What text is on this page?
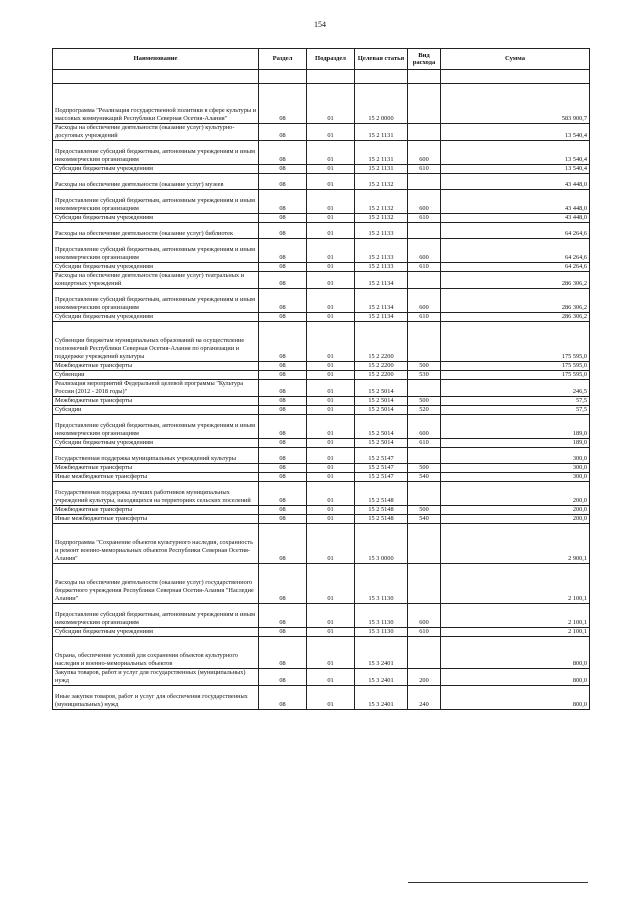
154
Наименование	Раздел	Подраздел	Целевая статья	Вид расхода	Сумма

Подпрограмма "Реализация государственной политики в сфере культуры и массовых коммуникаций Республики Северная Осетия-Алания"	08	01	15 2 0000		583 900,7
Расходы на обеспечение деятельности (оказание услуг) культурно-досуговых учреждений	08	01	15 2 1131		13 540,4
Предоставление субсидий бюджетным, автономным учреждениям и иным некоммерческим организациям	08	01	15 2 1131	600	13 540,4
Субсидии бюджетным учреждениям	08	01	15 2 1131	610	13 540,4
Расходы на обеспечение деятельности (оказание услуг) музеев	08	01	15 2 1132		43 448,0
Предоставление субсидий бюджетным, автономным учреждениям и иным некоммерческим организациям	08	01	15 2 1132	600	43 448,0
Субсидии бюджетным учреждениям	08	01	15 2 1132	610	43 448,0
Расходы на обеспечение деятельности (оказание услуг) библиотек	08	01	15 2 1133		64 264,6
Предоставление субсидий бюджетным, автономным учреждениям и иным некоммерческим организациям	08	01	15 2 1133	600	64 264,6
Субсидии бюджетным учреждениям	08	01	15 2 1133	610	64 264,6
Расходы на обеспечение деятельности (оказание услуг) театральных и концертных учреждений	08	01	15 2 1134		286 306,2
Предоставление субсидий бюджетным, автономным учреждениям и иным некоммерческим организациям	08	01	15 2 1134	600	286 306,2
Субсидии бюджетным учреждениям	08	01	15 2 1134	610	286 306,2
Субвенции бюджетам муниципальных образований на осуществление полномочий Республики Северная Осетия-Алания по организации и поддержке учреждений культуры	08	01	15 2 2200		175 595,0
Межбюджетные трансферты	08	01	15 2 2200	500	175 595,0
Субвенции	08	01	15 2 2200	530	175 595,0
Реализация мероприятий Федеральной целевой программы "Культура России (2012 - 2018 годы)"	08	01	15 2 5014		246,5
Межбюджетные трансферты	08	01	15 2 5014	500	57,5
Субсидии	08	01	15 2 5014	520	57,5
Предоставление субсидий бюджетным, автономным учреждениям и иным некоммерческим организациям	08	01	15 2 5014	600	189,0
Субсидии бюджетным учреждениям	08	01	15 2 5014	610	189,0
Государственная поддержка муниципальных учреждений культуры	08	01	15 2 5147		300,0
Межбюджетные трансферты	08	01	15 2 5147	500	300,0
Иные межбюджетные трансферты	08	01	15 2 5147	540	300,0
Государственная поддержка лучших работников муниципальных учреждений культуры, находящихся на территориях сельских поселений	08	01	15 2 5148		200,0
Межбюджетные трансферты	08	01	15 2 5148	500	200,0
Иные межбюджетные трансферты	08	01	15 2 5148	540	200,0
Подпрограмма "Сохранение объектов культурного наследия, сохранность и ремонт военно-мемориальных объектов Республики Северная Осетия-Алания"	08	01	15 3 0000		2 900,1
Расходы на обеспечение деятельности (оказание услуг) государственного бюджетного учреждения Республики Северная Осетия-Алания "Наследие Алании"	08	01	15 3 1130		2 100,1
Предоставление субсидий бюджетным, автономным учреждениям и иным некоммерческим организациям	08	01	15 3 1130	600	2 100,1
Субсидии бюджетным учреждениям	08	01	15 3 1130	610	2 100,1
Охрана, обеспечение условий для сохранения объектов культурного наследия и военно-мемориальных объектов	08	01	15 3 2401		800,0
Закупка товаров, работ и услуг для государственных (муниципальных) нужд	08	01	15 3 2401	200	800,0
Иные закупки товаров, работ и услуг для обеспечения государственных (муниципальных) нужд	08	01	15 3 2401	240	800,0
